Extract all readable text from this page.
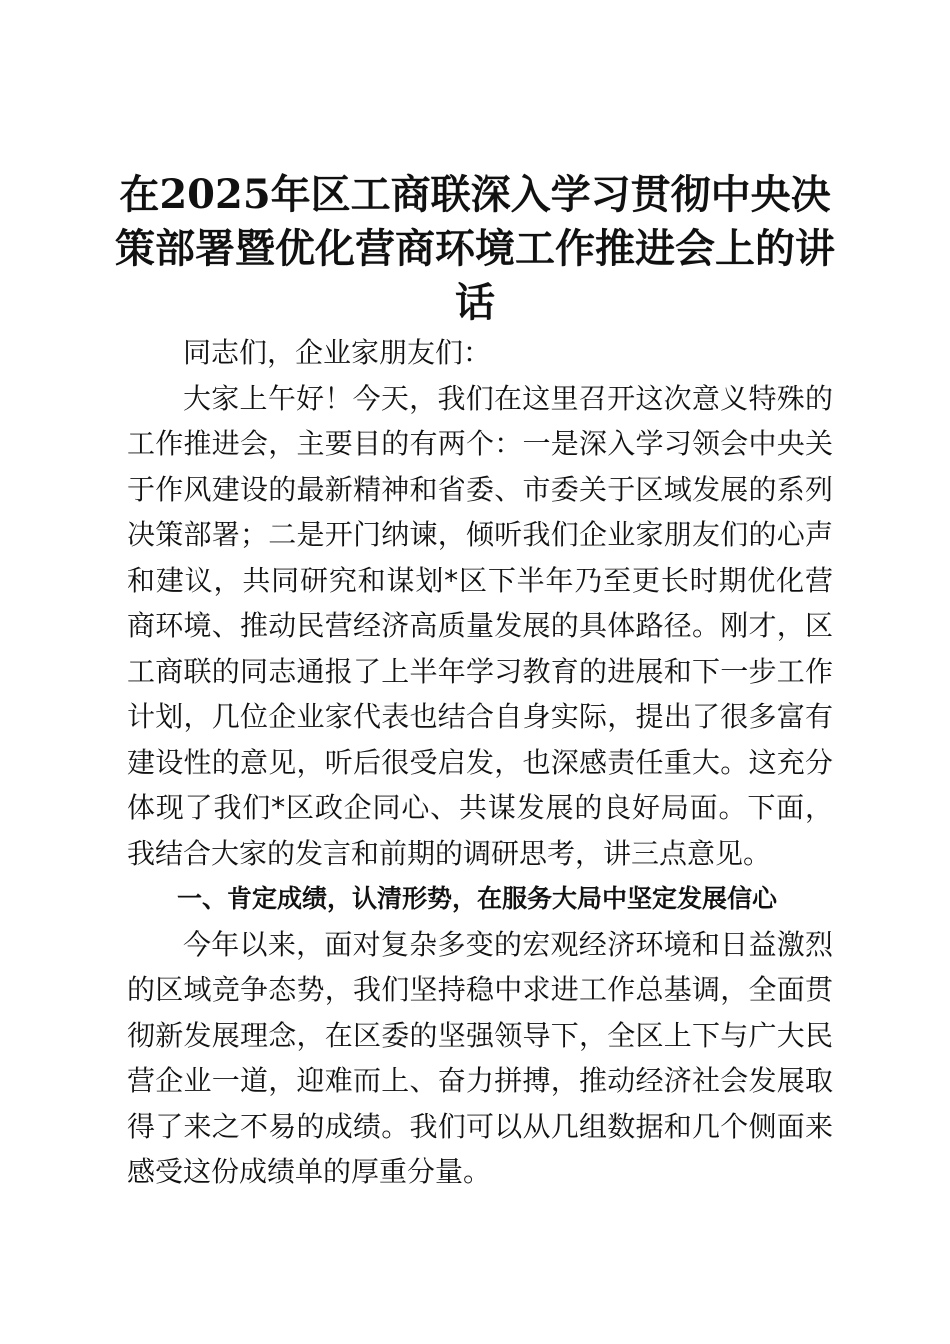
在2025年区工商联深入学习贯彻中央决策部署暨优化营商环境工作推进会上的讲话

同志们，企业家朋友们：

大家上午好！今天，我们在这里召开这次意义特殊的工作推进会，主要目的有两个：一是深入学习领会中央关于作风建设的最新精神和省委、市委关于区域发展的系列决策部署；二是开门纳谏，倾听我们企业家朋友们的心声和建议，共同研究和谋划*区下半年乃至更长时期优化营商环境、推动民营经济高质量发展的具体路径。刚才，区工商联的同志通报了上半年学习教育的进展和下一步工作计划，几位企业家代表也结合自身实际，提出了很多富有建设性的意见，听后很受启发，也深感责任重大。这充分体现了我们*区政企同心、共谋发展的良好局面。下面，我结合大家的发言和前期的调研思考，讲三点意见。

一、肯定成绩，认清形势，在服务大局中坚定发展信心

今年以来，面对复杂多变的宏观经济环境和日益激烈的区域竞争态势，我们坚持稳中求进工作总基调，全面贯彻新发展理念，在区委的坚强领导下，全区上下与广大民营企业一道，迎难而上、奋力拼搏，推动经济社会发展取得了来之不易的成绩。我们可以从几组数据和几个侧面来感受这份成绩单的厚重分量。
